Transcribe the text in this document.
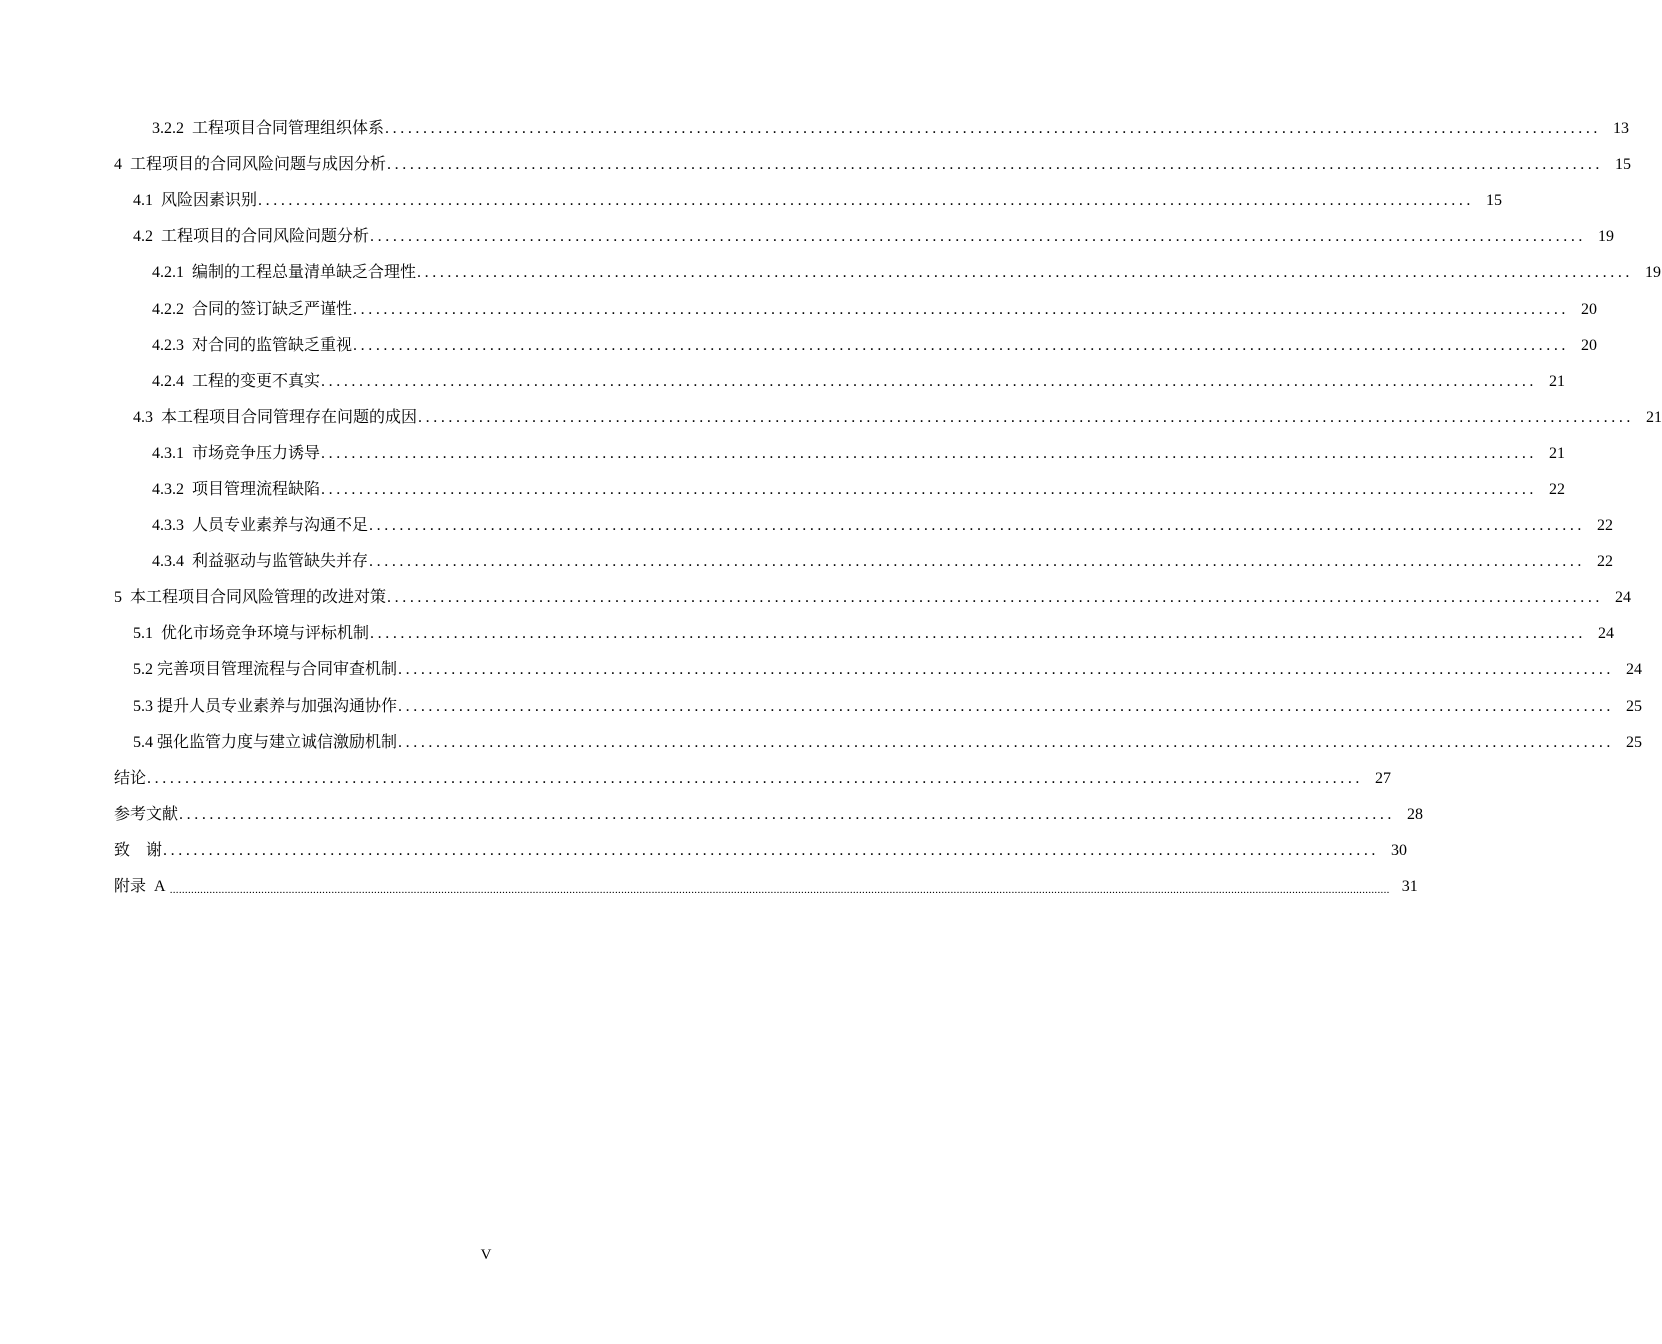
3.2.2  工程项目合同管理组织体系 ................................................................................................................................................................ 13
4  工程项目的合同风险问题与成因分析 ................................................................................................................................................................ 15
4.1  风险因素识别 ................................................................................................................................................................ 15
4.2  工程项目的合同风险问题分析 ................................................................................................................................................................ 19
4.2.1  编制的工程总量清单缺乏合理性 ................................................................................................................................................................ 19
4.2.2  合同的签订缺乏严谨性 ................................................................................................................................................................ 20
4.2.3  对合同的监管缺乏重视 ................................................................................................................................................................ 20
4.2.4  工程的变更不真实 ................................................................................................................................................................ 21
4.3  本工程项目合同管理存在问题的成因 ................................................................................................................................................................ 21
4.3.1  市场竞争压力诱导 ................................................................................................................................................................ 21
4.3.2  项目管理流程缺陷 ................................................................................................................................................................ 22
4.3.3  人员专业素养与沟通不足 ................................................................................................................................................................ 22
4.3.4  利益驱动与监管缺失并存 ................................................................................................................................................................ 22
5  本工程项目合同风险管理的改进对策 ................................................................................................................................................................ 24
5.1  优化市场竞争环境与评标机制 ................................................................................................................................................................ 24
5.2 完善项目管理流程与合同审查机制 ................................................................................................................................................................ 24
5.3 提升人员专业素养与加强沟通协作 ................................................................................................................................................................ 25
5.4 强化监管力度与建立诚信激励机制 ................................................................................................................................................................ 25
结论 ................................................................................................................................................................ 27
参考文献 ................................................................................................................................................................ 28
致    谢 ................................................................................................................................................................ 30
附录  A ................................................................................................................................................................................................................................................................................................................................................................................................................ 31
V
